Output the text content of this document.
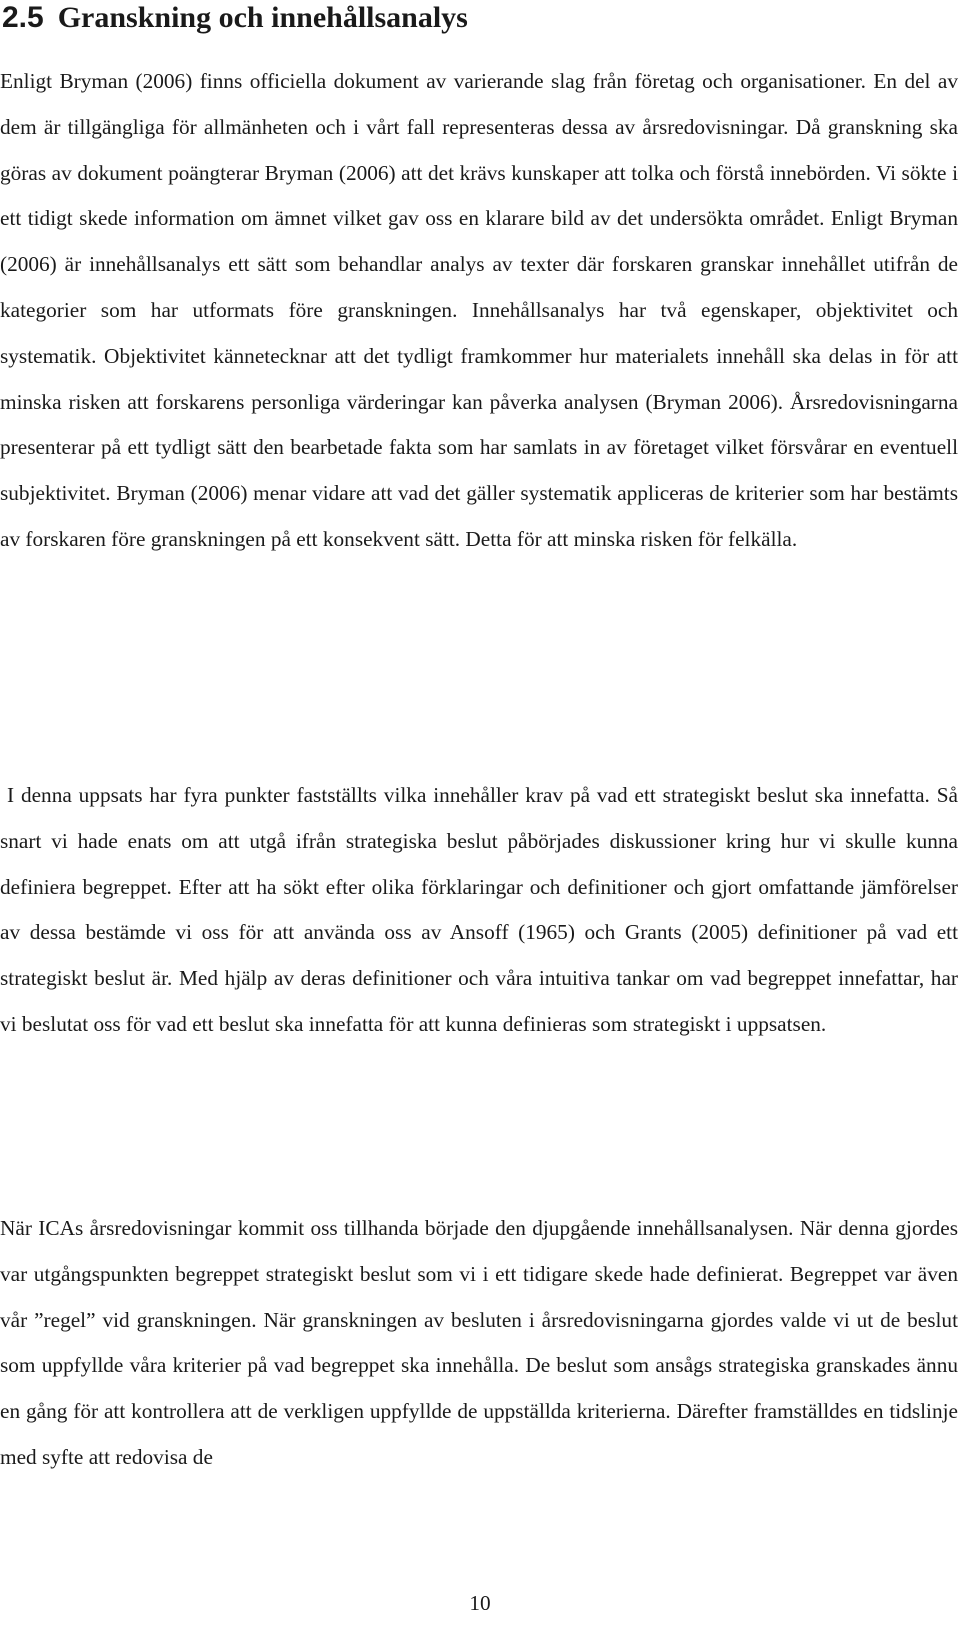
2.5 Granskning och innehållsanalys

Enligt Bryman (2006) finns officiella dokument av varierande slag från företag och organisationer. En del av dem är tillgängliga för allmänheten och i vårt fall representeras dessa av årsredovisningar. Då granskning ska göras av dokument poängterar Bryman (2006) att det krävs kunskaper att tolka och förstå innebörden. Vi sökte i ett tidigt skede information om ämnet vilket gav oss en klarare bild av det undersökta området. Enligt Bryman (2006) är innehållsanalys ett sätt som behandlar analys av texter där forskaren granskar innehållet utifrån de kategorier som har utformats före granskningen. Innehållsanalys har två egenskaper, objektivitet och systematik. Objektivitet kännetecknar att det tydligt framkommer hur materialets innehåll ska delas in för att minska risken att forskarens personliga värderingar kan påverka analysen (Bryman 2006). Årsredovisningarna presenterar på ett tydligt sätt den bearbetade fakta som har samlats in av företaget vilket försvårar en eventuell subjektivitet. Bryman (2006) menar vidare att vad det gäller systematik appliceras de kriterier som har bestämts av forskaren före granskningen på ett konsekvent sätt. Detta för att minska risken för felkälla.

I denna uppsats har fyra punkter fastställts vilka innehåller krav på vad ett strategiskt beslut ska innefatta. Så snart vi hade enats om att utgå ifrån strategiska beslut påbörjades diskussioner kring hur vi skulle kunna definiera begreppet. Efter att ha sökt efter olika förklaringar och definitioner och gjort omfattande jämförelser av dessa bestämde vi oss för att använda oss av Ansoff (1965) och Grants (2005) definitioner på vad ett strategiskt beslut är. Med hjälp av deras definitioner och våra intuitiva tankar om vad begreppet innefattar, har vi beslutat oss för vad ett beslut ska innefatta för att kunna definieras som strategiskt i uppsatsen.

När ICAs årsredovisningar kommit oss tillhanda började den djupgående innehållsanalysen. När denna gjordes var utgångspunkten begreppet strategiskt beslut som vi i ett tidigare skede hade definierat. Begreppet var även vår ”regel” vid granskningen. När granskningen av besluten i årsredovisningarna gjordes valde vi ut de beslut som uppfyllde våra kriterier på vad begreppet ska innehålla. De beslut som ansågs strategiska granskades ännu en gång för att kontrollera att de verkligen uppfyllde de uppställda kriterierna. Därefter framställdes en tidslinje med syfte att redovisa de

10
